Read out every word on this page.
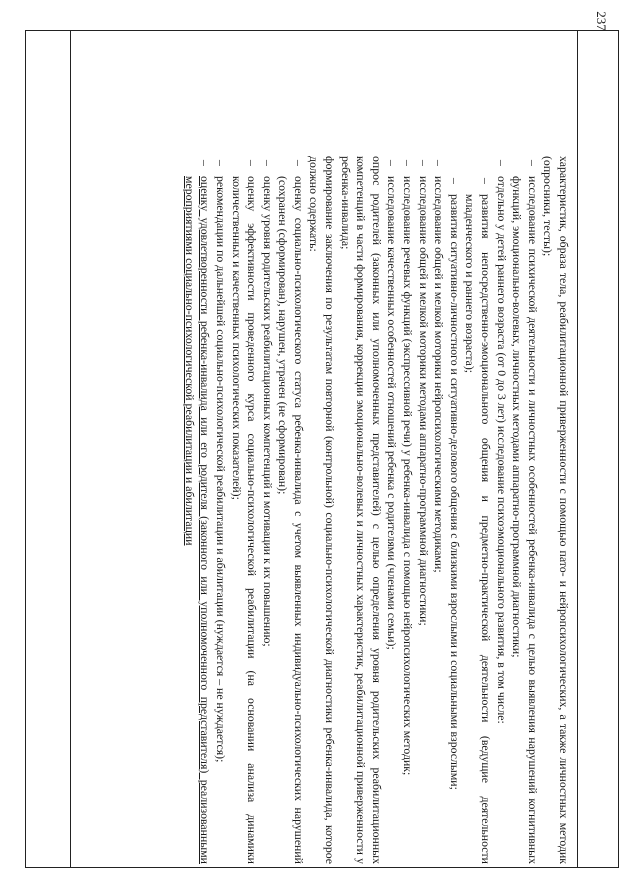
237
характеристик, образа тела, реабилитационной приверженности с помощью пато- и нейропсихологических, а также личностных методик (опросники, тесты);
– исследование психической деятельности и личностных особенностей ребенка-инвалида с целью выявления нарушений когнитивных функций, эмоционально-волевых, личностных методами аппаратно-программной диагностики;
– отдельно у детей раннего возраста (от 0 до 3 лет) исследование психоэмоционального развития, в том числе:
– развития непосредственно-эмоционального общения и предметно-практической деятельности (ведущие деятельности младенческого и раннего возраста);
– развития ситуативно-личностного и ситуативно-делового общения с близкими взрослыми и социальными взрослыми;
– исследование общей и мелкой моторики нейропсихологическими методиками;
– исследование общей и мелкой моторики методами аппаратно-программной диагностики;
– исследование речевых функций (экспрессивной речи) у ребенка-инвалида с помощью нейропсихологических методик;
– исследование качественных особенностей отношений ребенка с родителями (членами семьи);
опрос родителей (законных или уполномоченных представителей) с целью определения уровня родительских реабилитационных компетенций в части формирования, коррекции эмоционально-волевых и личностных характеристик, реабилитационной приверженности у ребенка-инвалида;
формирование заключения по результатам повторной (контрольной) социально-психологической диагностики ребенка-инвалида, которое должно содержать:
– оценку социально-психологического статуса ребенка-инвалида с учетом выявленных индивидуально-психологических нарушений (сохранен (сформирован), нарушен, утрачен (не сформирован);
– оценку уровня родительских реабилитационных компетенций и мотивации к их повышению;
– оценку эффективности проведенного курса социально-психологической реабилитации (на основании анализа динамики количественных и качественных психологических показателей);
– рекомендации по дальнейшей социально-психологической реабилитации и абилитации (нуждается – не нуждается);
– оценку удовлетворенности ребенка-инвалида или его родителя (законного или уполномоченного представителя) реализованными мероприятиями социально-психологической реабилитации и абилитации
